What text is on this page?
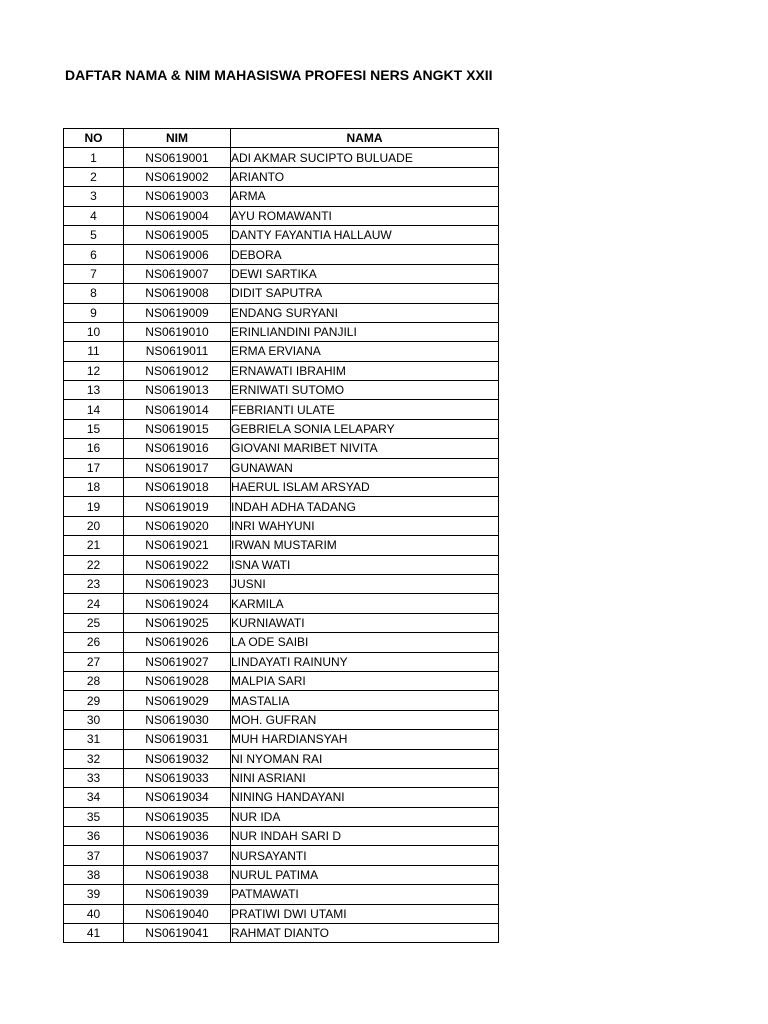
DAFTAR NAMA & NIM MAHASISWA PROFESI NERS ANGKT XXII
NO	NIM	NAMA
1	NS0619001	ADI AKMAR SUCIPTO BULUADE
2	NS0619002	ARIANTO
3	NS0619003	ARMA
4	NS0619004	AYU ROMAWANTI
5	NS0619005	DANTY FAYANTIA HALLAUW
6	NS0619006	DEBORA
7	NS0619007	DEWI SARTIKA
8	NS0619008	DIDIT SAPUTRA
9	NS0619009	ENDANG SURYANI
10	NS0619010	ERINLIANDINI PANJILI
11	NS0619011	ERMA ERVIANA
12	NS0619012	ERNAWATI IBRAHIM
13	NS0619013	ERNIWATI SUTOMO
14	NS0619014	FEBRIANTI ULATE
15	NS0619015	GEBRIELA SONIA LELAPARY
16	NS0619016	GIOVANI MARIBET NIVITA
17	NS0619017	GUNAWAN
18	NS0619018	HAERUL ISLAM ARSYAD
19	NS0619019	INDAH ADHA TADANG
20	NS0619020	INRI WAHYUNI
21	NS0619021	IRWAN MUSTARIM
22	NS0619022	ISNA WATI
23	NS0619023	JUSNI
24	NS0619024	KARMILA
25	NS0619025	KURNIAWATI
26	NS0619026	LA ODE SAIBI
27	NS0619027	LINDAYATI RAINUNY
28	NS0619028	MALPIA SARI
29	NS0619029	MASTALIA
30	NS0619030	MOH. GUFRAN
31	NS0619031	MUH HARDIANSYAH
32	NS0619032	NI NYOMAN RAI
33	NS0619033	NINI ASRIANI
34	NS0619034	NINING HANDAYANI
35	NS0619035	NUR IDA
36	NS0619036	NUR INDAH SARI D
37	NS0619037	NURSAYANTI
38	NS0619038	NURUL PATIMA
39	NS0619039	PATMAWATI
40	NS0619040	PRATIWI DWI UTAMI
41	NS0619041	RAHMAT DIANTO
